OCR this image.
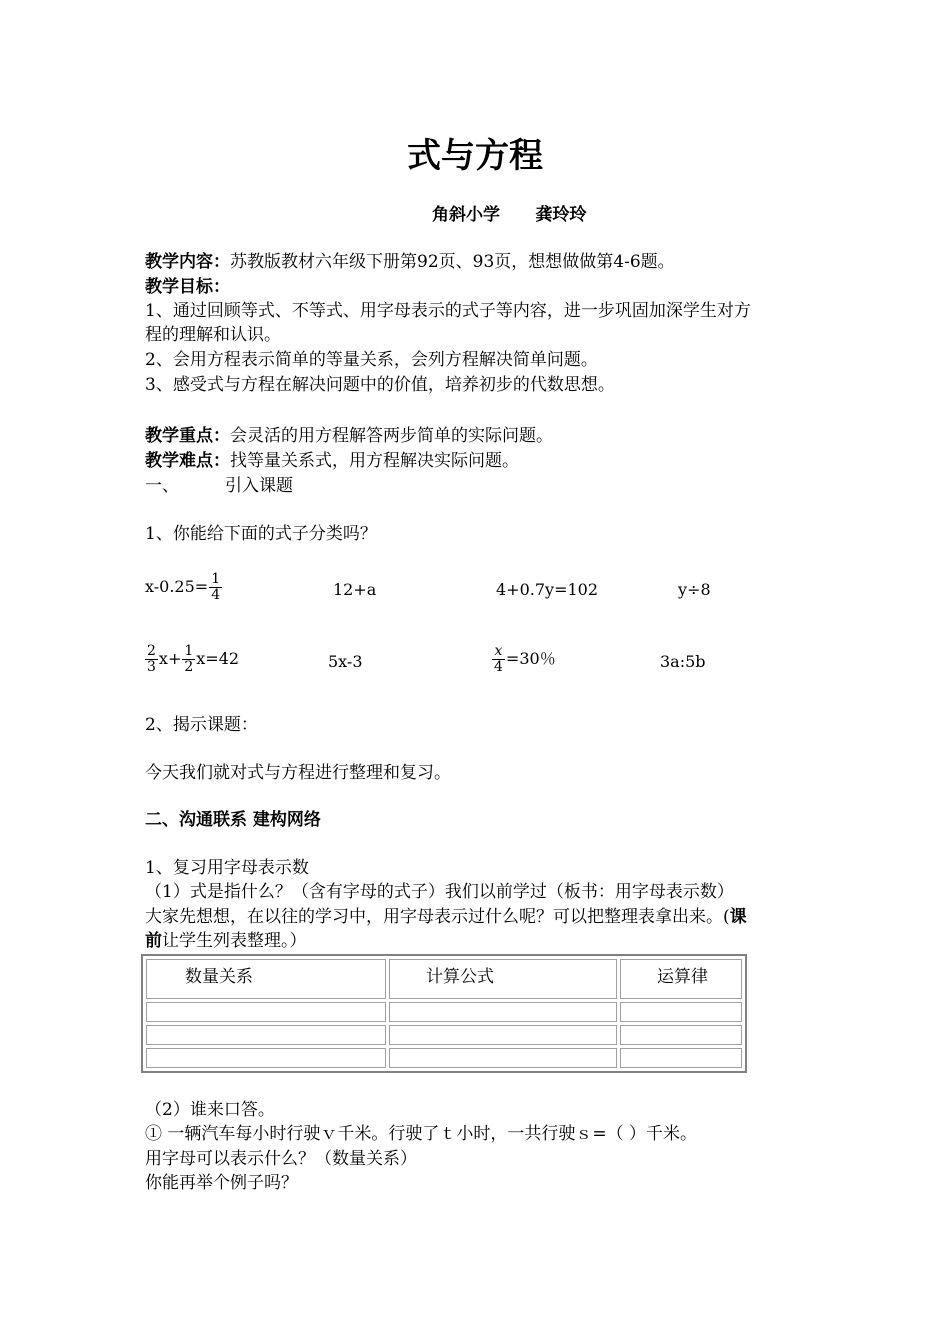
式与方程
角斜小学 龚玲玲
教学内容：苏教版教材六年级下册第92页、93页，想想做做第4-6题。
教学目标：
1、通过回顾等式、不等式、用字母表示的式子等内容，进一步巩固加深学生对方
程的理解和认识。
2、会用方程表示简单的等量关系，会列方程解决简单问题。
3、感受式与方程在解决问题中的价值，培养初步的代数思想。
教学重点：会灵活的用方程解答两步简单的实际问题。
教学难点：找等量关系式，用方程解决实际问题。
一、	引入课题
1、你能给下面的式子分类吗？
$x-0.25= \frac{1}{4}$	12+a	4+0.7y=102	y÷8
$\frac{2}{3} x+ \frac{1}{2} x=42$	5x-3	$\frac{x}{4} =30$％	3a:5b
2、揭示课题：
今天我们就对式与方程进行整理和复习。
二、沟通联系 建构网络
1、复习用字母表示数
（1）式是指什么？（含有字母的式子）我们以前学过（板书：用字母表示数）
大家先想想，在以往的学习中，用字母表示过什么呢？可以把整理表拿出来。(课
前让学生列表整理。）
数量关系	计算公式	运算律

（2）谁来口答。
① 一辆汽车每小时行驶ｖ千米。行驶了ｔ小时，一共行驶ｓ=（ ）千米。
用字母可以表示什么？（数量关系）
你能再举个例子吗？
